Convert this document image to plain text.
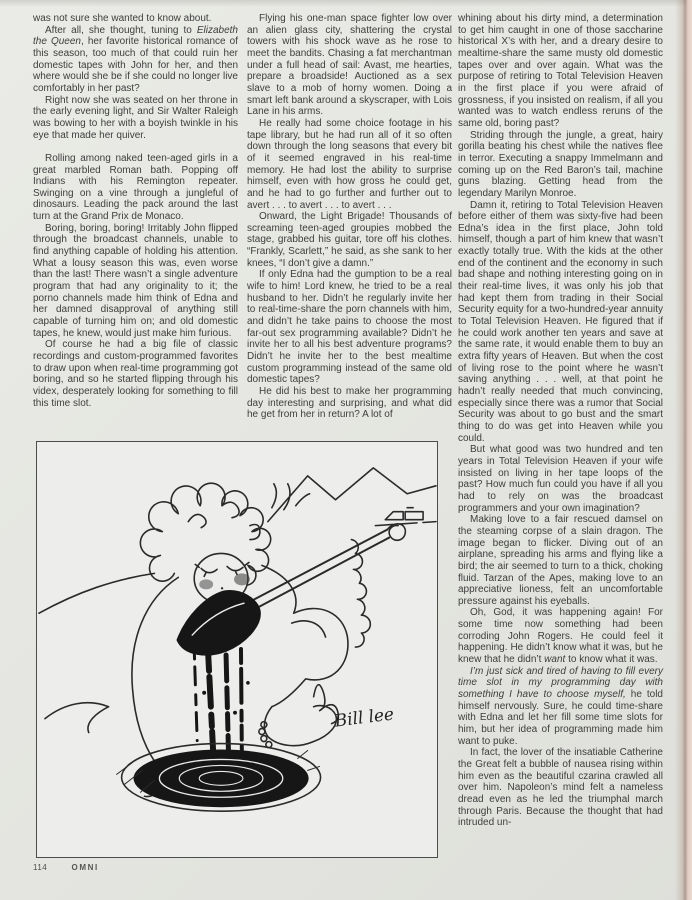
was not sure she wanted to know about.

After all, she thought, tuning to Elizabeth the Queen, her favorite historical romance of this season, too much of that could ruin her domestic tapes with John for her, and then where would she be if she could no longer live comfortably in her past?

Right now she was seated on her throne in the early evening light, and Sir Walter Raleigh was bowing to her with a boyish twinkle in his eye that made her quiver.

Rolling among naked teen-aged girls in a great marbled Roman bath. Popping off Indians with his Remington repeater. Swinging on a vine through a jungleful of dinosaurs. Leading the pack around the last turn at the Grand Prix de Monaco.

Boring, boring, boring! Irritably John flipped through the broadcast channels, unable to find anything capable of holding his attention. What a lousy season this was, even worse than the last! There wasn’t a single adventure program that had any originality to it; the porno channels made him think of Edna and her damned disapproval of anything still capable of turning him on; and old domestic tapes, he knew, would just make him furious.

Of course he had a big file of classic recordings and custom-programmed favorites to draw upon when real-time programming got boring, and so he started flipping through his videx, desperately looking for something to fill this time slot.

Flying his one-man space fighter low over an alien glass city, shattering the crystal towers with his shock wave as he rose to meet the bandits. Chasing a fat merchantman under a full head of sail: Avast, me hearties, prepare a broadside! Auctioned as a sex slave to a mob of horny women. Doing a smart left bank around a skyscraper, with Lois Lane in his arms.

He really had some choice footage in his tape library, but he had run all of it so often down through the long seasons that every bit of it seemed engraved in his real-time memory. He had lost the ability to surprise himself, even with how gross he could get, and he had to go further and further out to avert . . . to avert . . . to avert . . .

Onward, the Light Brigade! Thousands of screaming teen-aged groupies mobbed the stage, grabbed his guitar, tore off his clothes. “Frankly, Scarlett,” he said, as she sank to her knees, “I don’t give a damn.”

If only Edna had the gumption to be a real wife to him! Lord knew, he tried to be a real husband to her. Didn’t he regularly invite her to real-time-share the porn channels with him, and didn’t he take pains to choose the most far-out sex programming available? Didn’t he invite her to all his best adventure programs? Didn’t he invite her to the best mealtime custom programming instead of the same old domestic tapes?

He did his best to make her programming day interesting and surprising, and what did he get from her in return? A lot of

whining about his dirty mind, a determination to get him caught in one of those saccharine historical X’s with her, and a dreary desire to mealtime-share the same musty old domestic tapes over and over again. What was the purpose of retiring to Total Television Heaven in the first place if you were afraid of grossness, if you insisted on realism, if all you wanted was to watch endless reruns of the same old, boring past?

Striding through the jungle, a great, hairy gorilla beating his chest while the natives flee in terror. Executing a snappy Immelmann and coming up on the Red Baron’s tail, machine guns blazing. Getting head from the legendary Marilyn Monroe.

Damn it, retiring to Total Television Heaven before either of them was sixty-five had been Edna’s idea in the first place, John told himself, though a part of him knew that wasn’t exactly totally true. With the kids at the other end of the continent and the economy in such bad shape and nothing interesting going on in their real-time lives, it was only his job that had kept them from trading in their Social Security equity for a two-hundred-year annuity to Total Television Heaven. He figured that if he could work another ten years and save at the same rate, it would enable them to buy an extra fifty years of Heaven. But when the cost of living rose to the point where he wasn’t saving anything . . . well, at that point he hadn’t really needed that much convincing, especially since there was a rumor that Social Security was about to go bust and the smart thing to do was get into Heaven while you could.

But what good was two hundred and ten years in Total Television Heaven if your wife insisted on living in her tape loops of the past? How much fun could you have if all you had to rely on was the broadcast programmers and your own imagination?

Making love to a fair rescued damsel on the steaming corpse of a slain dragon. The image began to flicker. Diving out of an airplane, spreading his arms and flying like a bird; the air seemed to turn to a thick, choking fluid. Tarzan of the Apes, making love to an appreciative lioness, felt an uncomfortable pressure against his eyeballs.

Oh, God, it was happening again! For some time now something had been corroding John Rogers. He could feel it happening. He didn’t know what it was, but he knew that he didn’t want to know what it was.

I’m just sick and tired of having to fill every time slot in my programming day with something I have to choose myself, he told himself nervously. Sure, he could time-share with Edna and let her fill some time slots for him, but her idea of programming made him want to puke.

In fact, the lover of the insatiable Catherine the Great felt a bubble of nausea rising within him even as the beautiful czarina crawled all over him. Napoleon’s mind felt a nameless dread even as he led the triumphal march through Paris. Because the thought that had intruded un-

Bill lee
114	OMNI
